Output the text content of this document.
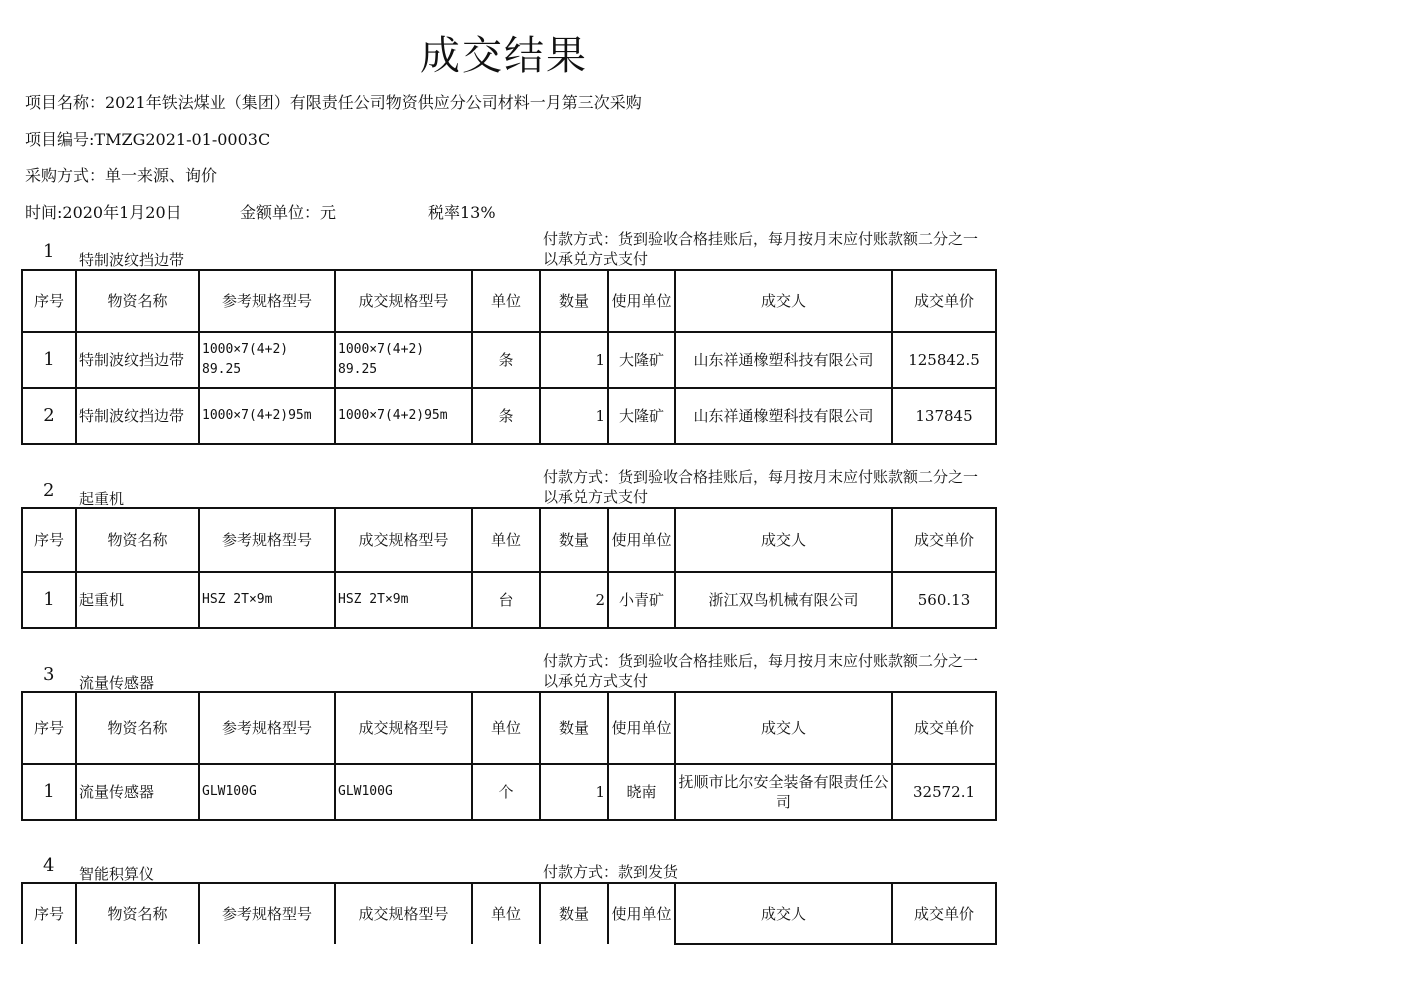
成交结果
项目名称：2021年铁法煤业（集团）有限责任公司物资供应分公司材料一月第三次采购
项目编号:TMZG2021-01-0003C
采购方式：单一来源、询价
时间:2020年1月20日	金额单位：元	税率13%
1 特制波纹挡边带
付款方式：货到验收合格挂账后，每月按月末应付账款额二分之一以承兑方式支付
序号	物资名称	参考规格型号	成交规格型号	单位	数量	使用单位	成交人	成交单价
1	特制波纹挡边带	1000×7(4+2) 89.25	1000×7(4+2) 89.25	条	1	大隆矿	山东祥通橡塑科技有限公司	125842.5
2	特制波纹挡边带	1000×7(4+2)95m	1000×7(4+2)95m	条	1	大隆矿	山东祥通橡塑科技有限公司	137845
2 起重机
付款方式：货到验收合格挂账后，每月按月末应付账款额二分之一以承兑方式支付
序号	物资名称	参考规格型号	成交规格型号	单位	数量	使用单位	成交人	成交单价
1	起重机	HSZ 2T×9m	HSZ 2T×9m	台	2	小青矿	浙江双鸟机械有限公司	560.13
3 流量传感器
付款方式：货到验收合格挂账后，每月按月末应付账款额二分之一以承兑方式支付
序号	物资名称	参考规格型号	成交规格型号	单位	数量	使用单位	成交人	成交单价
1	流量传感器	GLW100G	GLW100G	个	1	晓南	抚顺市比尔安全装备有限责任公司	32572.1
4 智能积算仪	付款方式：款到发货
序号	物资名称	参考规格型号	成交规格型号	单位	数量	使用单位	成交人	成交单价
